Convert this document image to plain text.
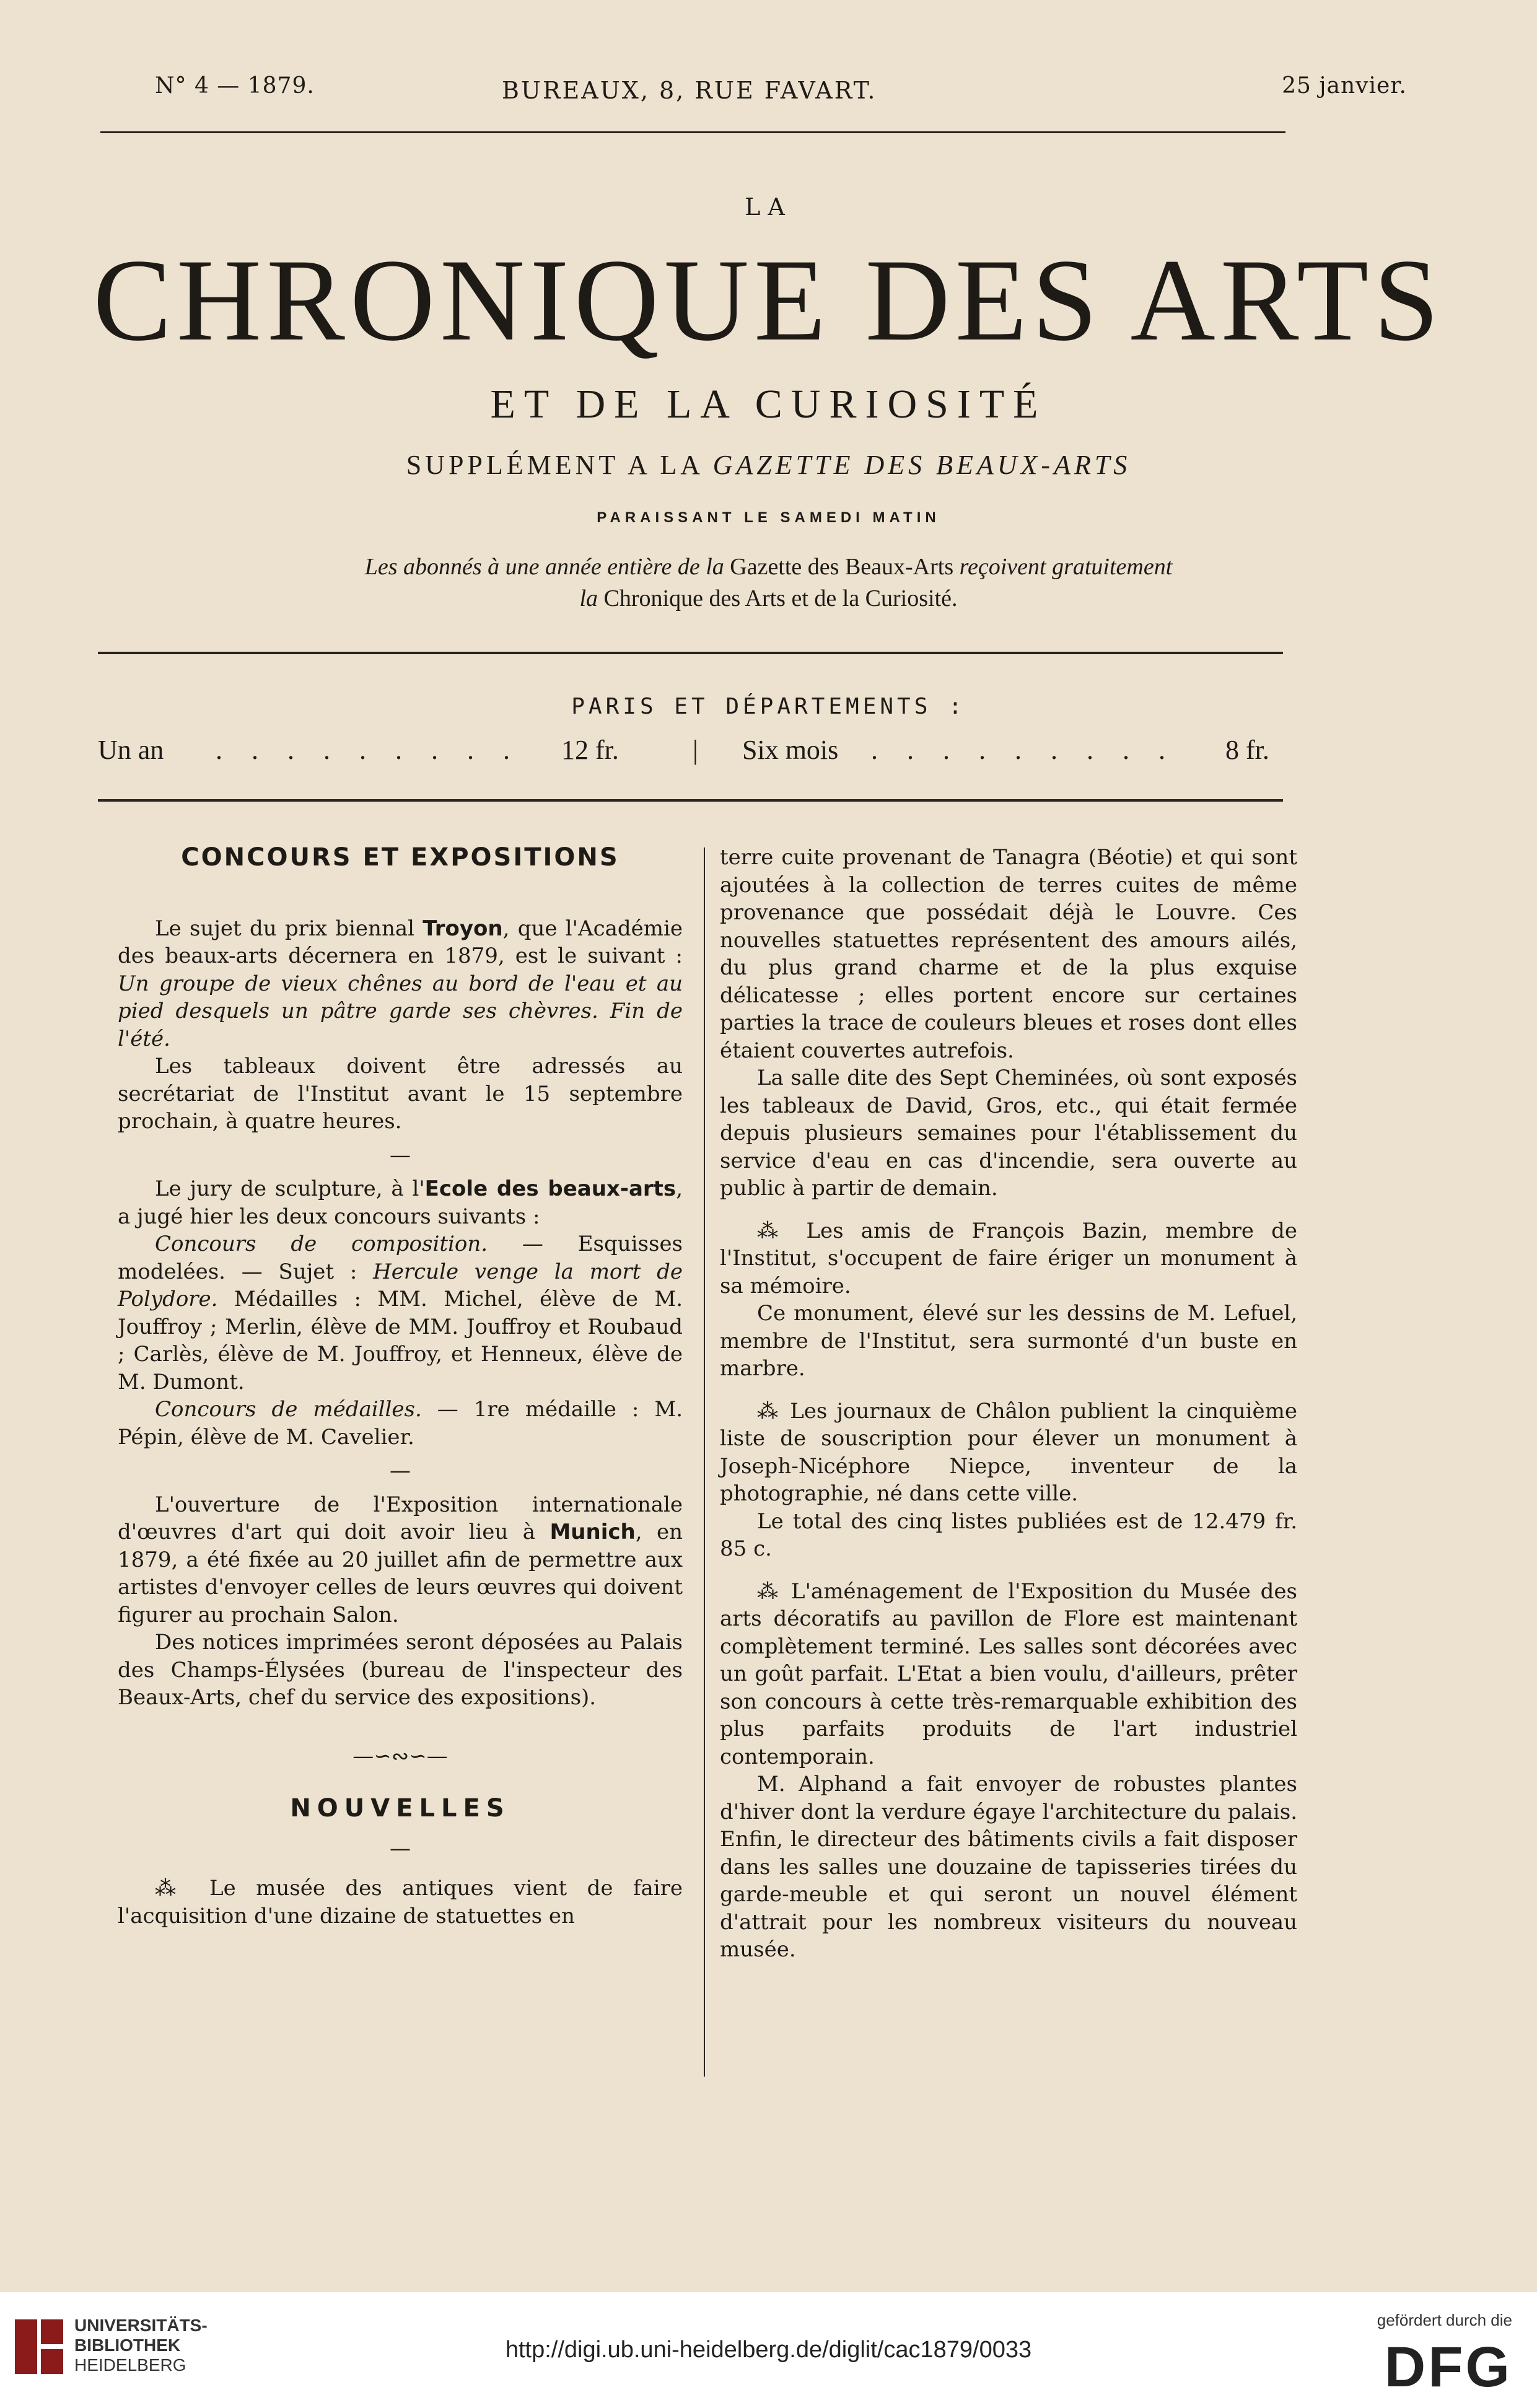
N° 4 — 1879.	BUREAUX, 8, RUE FAVART.	25 janvier.
LA
CHRONIQUE DES ARTS
ET DE LA CURIOSITÉ
SUPPLÉMENT A LA GAZETTE DES BEAUX-ARTS
PARAISSANT LE SAMEDI MATIN
Les abonnés à une année entière de la Gazette des Beaux-Arts reçoivent gratuitement
la Chronique des Arts et de la Curiosité.
PARIS ET DÉPARTEMENTS :
Un an . . . . . . . . . 12 fr.	| Six mois . . . . . . . . . 8 fr.
CONCOURS ET EXPOSITIONS

Le sujet du prix biennal Troyon, que l'Académie des beaux-arts décernera en 1879, est le suivant : Un groupe de vieux chênes au bord de l'eau et au pied desquels un pâtre garde ses chèvres. Fin de l'été.

Les tableaux doivent être adressés au secrétariat de l'Institut avant le 15 septembre prochain, à quatre heures.

—

Le jury de sculpture, à l'Ecole des beaux-arts, a jugé hier les deux concours suivants :

Concours de composition. — Esquisses modelées. — Sujet : Hercule venge la mort de Polydore. Médailles : MM. Michel, élève de M. Jouffroy ; Merlin, élève de MM. Jouffroy et Roubaud ; Carlès, élève de M. Jouffroy, et Henneux, élève de M. Dumont.

Concours de médailles. — 1re médaille : M. Pépin, élève de M. Cavelier.

—

L'ouverture de l'Exposition internationale d'œuvres d'art qui doit avoir lieu à Munich, en 1879, a été fixée au 20 juillet afin de permettre aux artistes d'envoyer celles de leurs œuvres qui doivent figurer au prochain Salon.

Des notices imprimées seront déposées au Palais des Champs-Élysées (bureau de l'inspecteur des Beaux-Arts, chef du service des expositions).

—∽∾∽—
NOUVELLES
—

⁂ Le musée des antiques vient de faire l'acquisition d'une dizaine de statuettes en

terre cuite provenant de Tanagra (Béotie) et qui sont ajoutées à la collection de terres cuites de même provenance que possédait déjà le Louvre. Ces nouvelles statuettes représentent des amours ailés, du plus grand charme et de la plus exquise délicatesse ; elles portent encore sur certaines parties la trace de couleurs bleues et roses dont elles étaient couvertes autrefois.

La salle dite des Sept Cheminées, où sont exposés les tableaux de David, Gros, etc., qui était fermée depuis plusieurs semaines pour l'établissement du service d'eau en cas d'incendie, sera ouverte au public à partir de demain.

⁂ Les amis de François Bazin, membre de l'Institut, s'occupent de faire ériger un monument à sa mémoire.

Ce monument, élevé sur les dessins de M. Lefuel, membre de l'Institut, sera surmonté d'un buste en marbre.

⁂ Les journaux de Châlon publient la cinquième liste de souscription pour élever un monument à Joseph-Nicéphore Niepce, inventeur de la photographie, né dans cette ville.

Le total des cinq listes publiées est de 12.479 fr. 85 c.

⁂ L'aménagement de l'Exposition du Musée des arts décoratifs au pavillon de Flore est maintenant complètement terminé. Les salles sont décorées avec un goût parfait. L'Etat a bien voulu, d'ailleurs, prêter son concours à cette très-remarquable exhibition des plus parfaits produits de l'art industriel contemporain.

M. Alphand a fait envoyer de robustes plantes d'hiver dont la verdure égaye l'architecture du palais. Enfin, le directeur des bâtiments civils a fait disposer dans les salles une douzaine de tapisseries tirées du garde-meuble et qui seront un nouvel élément d'attrait pour les nombreux visiteurs du nouveau musée.

UNIVERSITÄTS-
BIBLIOTHEK
HEIDELBERG
http://digi.ub.uni-heidelberg.de/diglit/cac1879/0033
gefördert durch die
DFG
